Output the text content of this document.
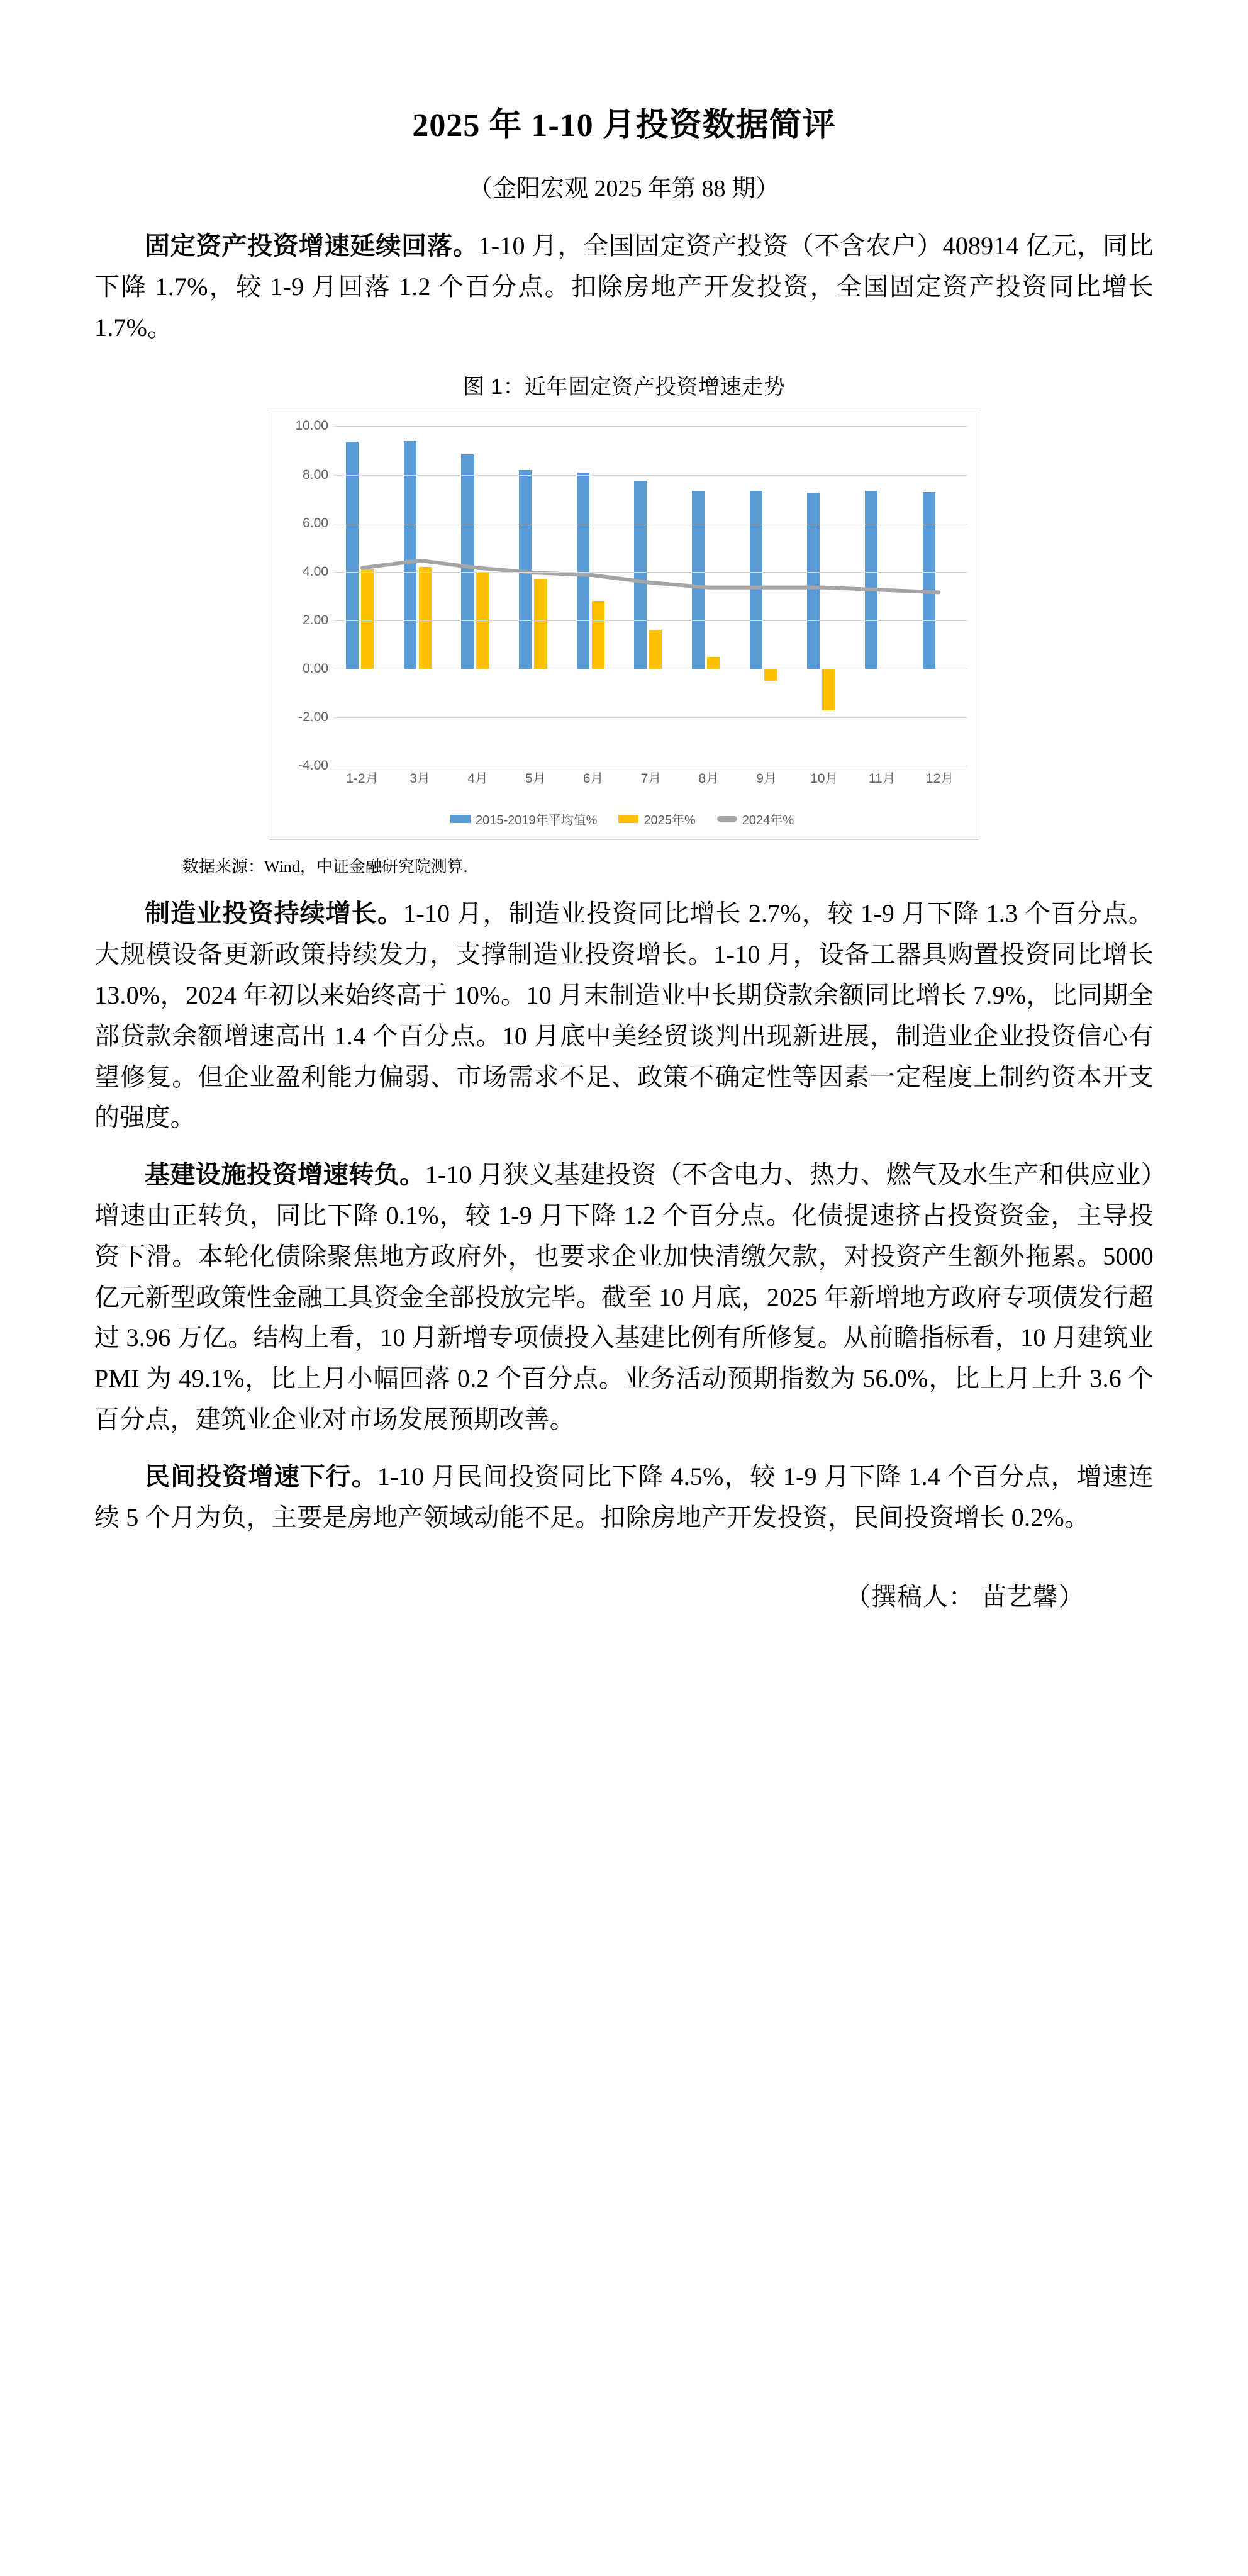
2025 年 1-10 月投资数据简评
（金阳宏观 2025 年第 88 期）

固定资产投资增速延续回落。1-10 月，全国固定资产投资（不含农户）408914 亿元，同比下降 1.7%，较 1-9 月回落 1.2 个百分点。扣除房地产开发投资，全国固定资产投资同比增长 1.7%。

图 1：近年固定资产投资增速走势
10.00
8.00
6.00
4.00
2.00
0.00
-2.00
-4.00
1-2月	3月	4月	5月	6月	7月	8月	9月	10月	11月	12月
2015-2019年平均值%	2025年%	2024年%
数据来源：Wind，中证金融研究院测算.

制造业投资持续增长。1-10 月，制造业投资同比增长 2.7%，较 1-9 月下降 1.3 个百分点。大规模设备更新政策持续发力，支撑制造业投资增长。1-10 月，设备工器具购置投资同比增长 13.0%，2024 年初以来始终高于 10%。10 月末制造业中长期贷款余额同比增长 7.9%，比同期全部贷款余额增速高出 1.4 个百分点。10 月底中美经贸谈判出现新进展，制造业企业投资信心有望修复。但企业盈利能力偏弱、市场需求不足、政策不确定性等因素一定程度上制约资本开支的强度。

基建设施投资增速转负。1-10 月狭义基建投资（不含电力、热力、燃气及水生产和供应业）增速由正转负，同比下降 0.1%，较 1-9 月下降 1.2 个百分点。化债提速挤占投资资金，主导投资下滑。本轮化债除聚焦地方政府外，也要求企业加快清缴欠款，对投资产生额外拖累。5000 亿元新型政策性金融工具资金全部投放完毕。截至 10 月底，2025 年新增地方政府专项债发行超过 3.96 万亿。结构上看，10 月新增专项债投入基建比例有所修复。从前瞻指标看，10 月建筑业 PMI 为 49.1%，比上月小幅回落 0.2 个百分点。业务活动预期指数为 56.0%，比上月上升 3.6 个百分点，建筑业企业对市场发展预期改善。

民间投资增速下行。1-10 月民间投资同比下降 4.5%，较 1-9 月下降 1.4 个百分点，增速连续 5 个月为负，主要是房地产领域动能不足。扣除房地产开发投资，民间投资增长 0.2%。

（撰稿人： 苗艺馨）
